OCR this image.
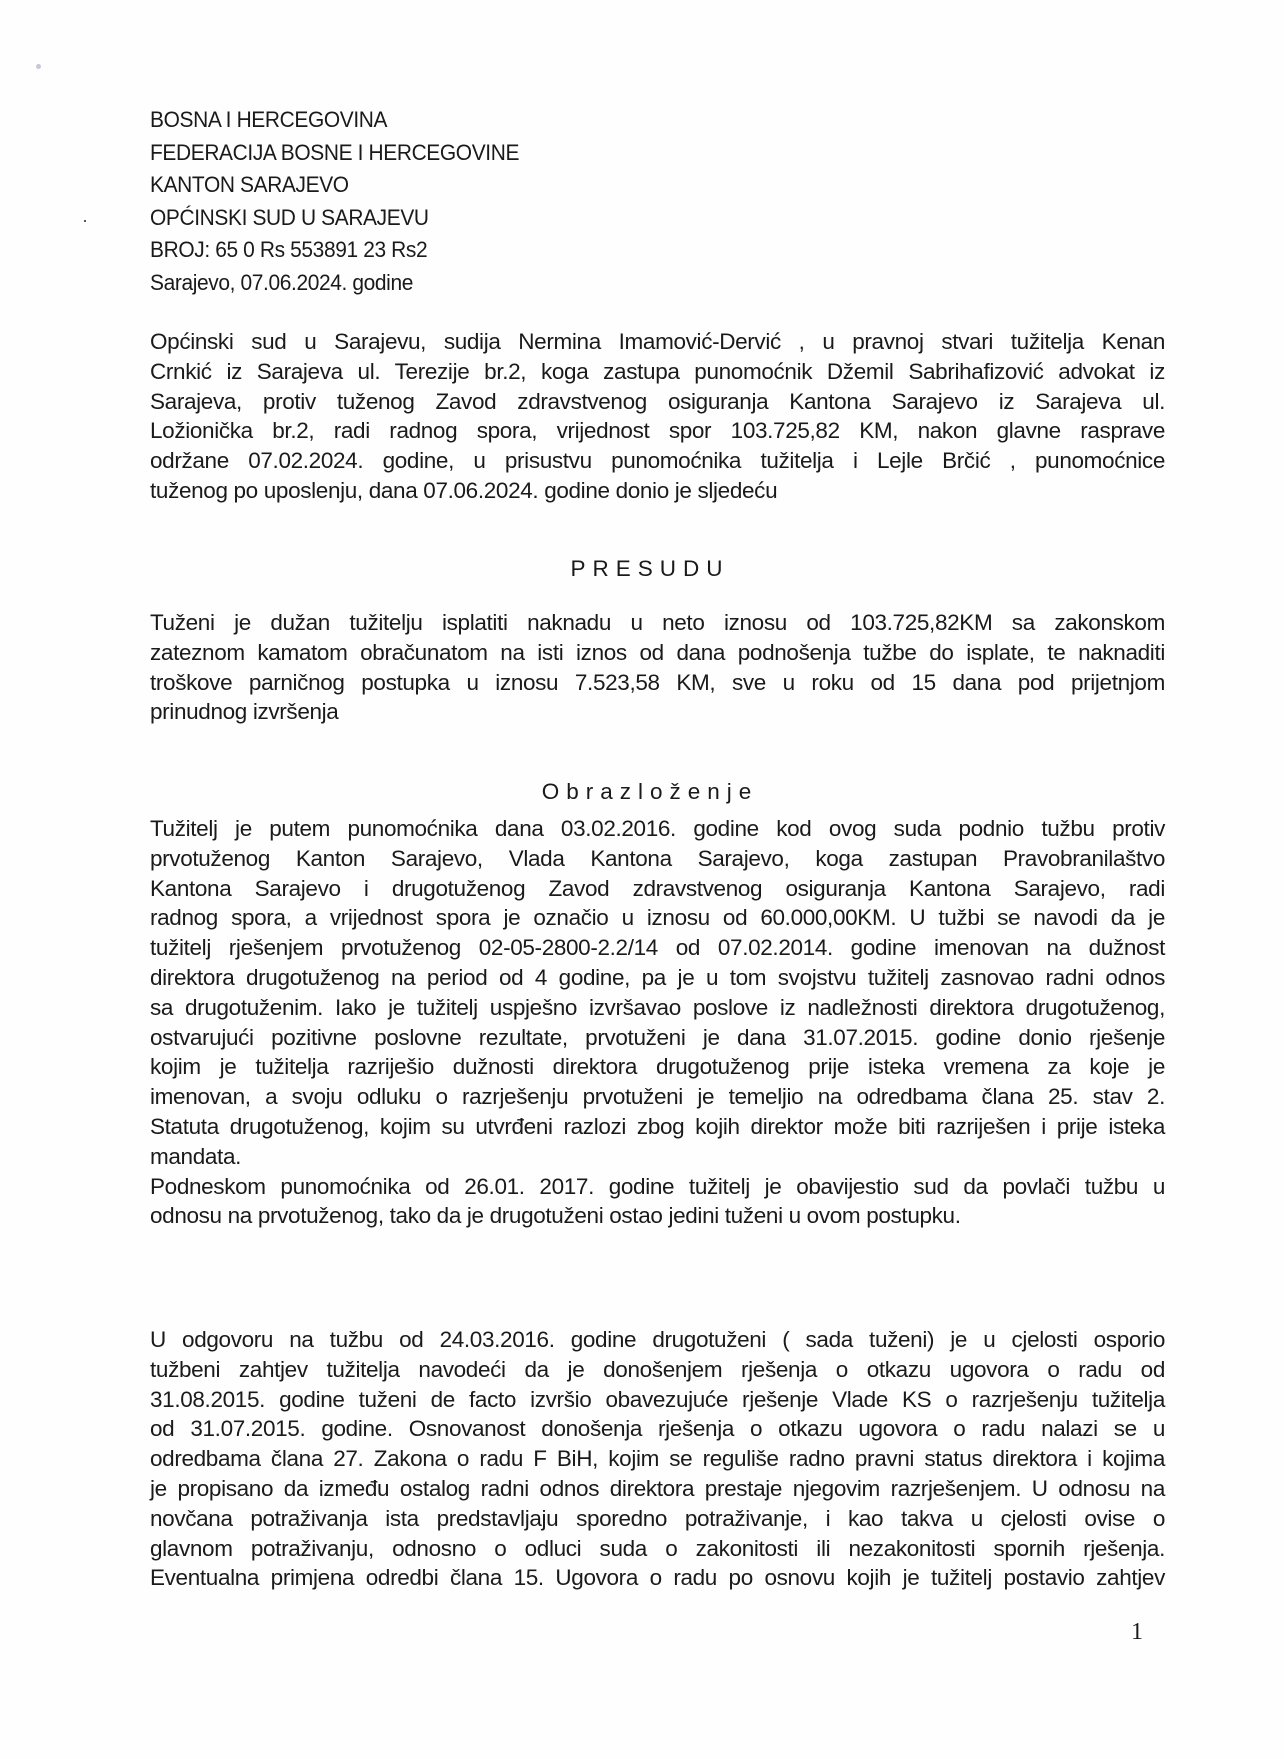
BOSNA I HERCEGOVINA
FEDERACIJA BOSNE I HERCEGOVINE
KANTON SARAJEVO
OPĆINSKI SUD U SARAJEVU
BROJ: 65 0 Rs 553891 23 Rs2
Sarajevo, 07.06.2024. godine
Općinski sud u Sarajevu, sudija Nermina Imamović-Dervić , u pravnoj stvari tužitelja Kenan
Crnkić iz Sarajeva ul. Terezije br.2, koga zastupa punomoćnik Džemil Sabrihafizović advokat iz
Sarajeva, protiv tuženog Zavod zdravstvenog osiguranja Kantona Sarajevo iz Sarajeva ul.
Ložionička br.2, radi radnog spora, vrijednost spor 103.725,82 KM, nakon glavne rasprave
održane 07.02.2024. godine, u prisustvu punomoćnika tužitelja i Lejle Brčić , punomoćnice
tuženog po uposlenju, dana 07.06.2024. godine donio je sljedeću
PRESUDU
Tuženi je dužan tužitelju isplatiti naknadu u neto iznosu od 103.725,82KM sa zakonskom
zateznom kamatom obračunatom na isti iznos od dana podnošenja tužbe do isplate, te naknaditi
troškove parničnog postupka u iznosu 7.523,58 KM, sve u roku od 15 dana pod prijetnjom
prinudnog izvršenja
Obrazloženje
Tužitelj je putem punomoćnika dana 03.02.2016. godine kod ovog suda podnio tužbu protiv
prvotuženog Kanton Sarajevo, Vlada Kantona Sarajevo, koga zastupan Pravobranilaštvo
Kantona Sarajevo i drugotuženog Zavod zdravstvenog osiguranja Kantona Sarajevo, radi
radnog spora, a vrijednost spora je označio u iznosu od 60.000,00KM. U tužbi se navodi da je
tužitelj rješenjem prvotuženog 02-05-2800-2.2/14 od 07.02.2014. godine imenovan na dužnost
direktora drugotuženog na period od 4 godine, pa je u tom svojstvu tužitelj zasnovao radni odnos
sa drugotuženim. Iako je tužitelj uspješno izvršavao poslove iz nadležnosti direktora drugotuženog,
ostvarujući pozitivne poslovne rezultate, prvotuženi je dana 31.07.2015. godine donio rješenje
kojim je tužitelja razriješio dužnosti direktora drugotuženog prije isteka vremena za koje je
imenovan, a svoju odluku o razrješenju prvotuženi je temeljio na odredbama člana 25. stav 2.
Statuta drugotuženog, kojim su utvrđeni razlozi zbog kojih direktor može biti razriješen i prije isteka
mandata.
Podneskom punomoćnika od 26.01. 2017. godine tužitelj je obavijestio sud da povlači tužbu u
odnosu na prvotuženog, tako da je drugotuženi ostao jedini tuženi u ovom postupku.
U odgovoru na tužbu od 24.03.2016. godine drugotuženi ( sada tuženi) je u cjelosti osporio
tužbeni zahtjev tužitelja navodeći da je donošenjem rješenja o otkazu ugovora o radu od
31.08.2015. godine tuženi de facto izvršio obavezujuće rješenje Vlade KS o razrješenju tužitelja
od 31.07.2015. godine. Osnovanost donošenja rješenja o otkazu ugovora o radu nalazi se u
odredbama člana 27. Zakona o radu F BiH, kojim se reguliše radno pravni status direktora i kojima
je propisano da između ostalog radni odnos direktora prestaje njegovim razrješenjem. U odnosu na
novčana potraživanja ista predstavljaju sporedno potraživanje, i kao takva u cjelosti ovise o
glavnom potraživanju, odnosno o odluci suda o zakonitosti ili nezakonitosti spornih rješenja.
Eventualna primjena odredbi člana 15. Ugovora o radu po osnovu kojih je tužitelj postavio zahtjev
1
